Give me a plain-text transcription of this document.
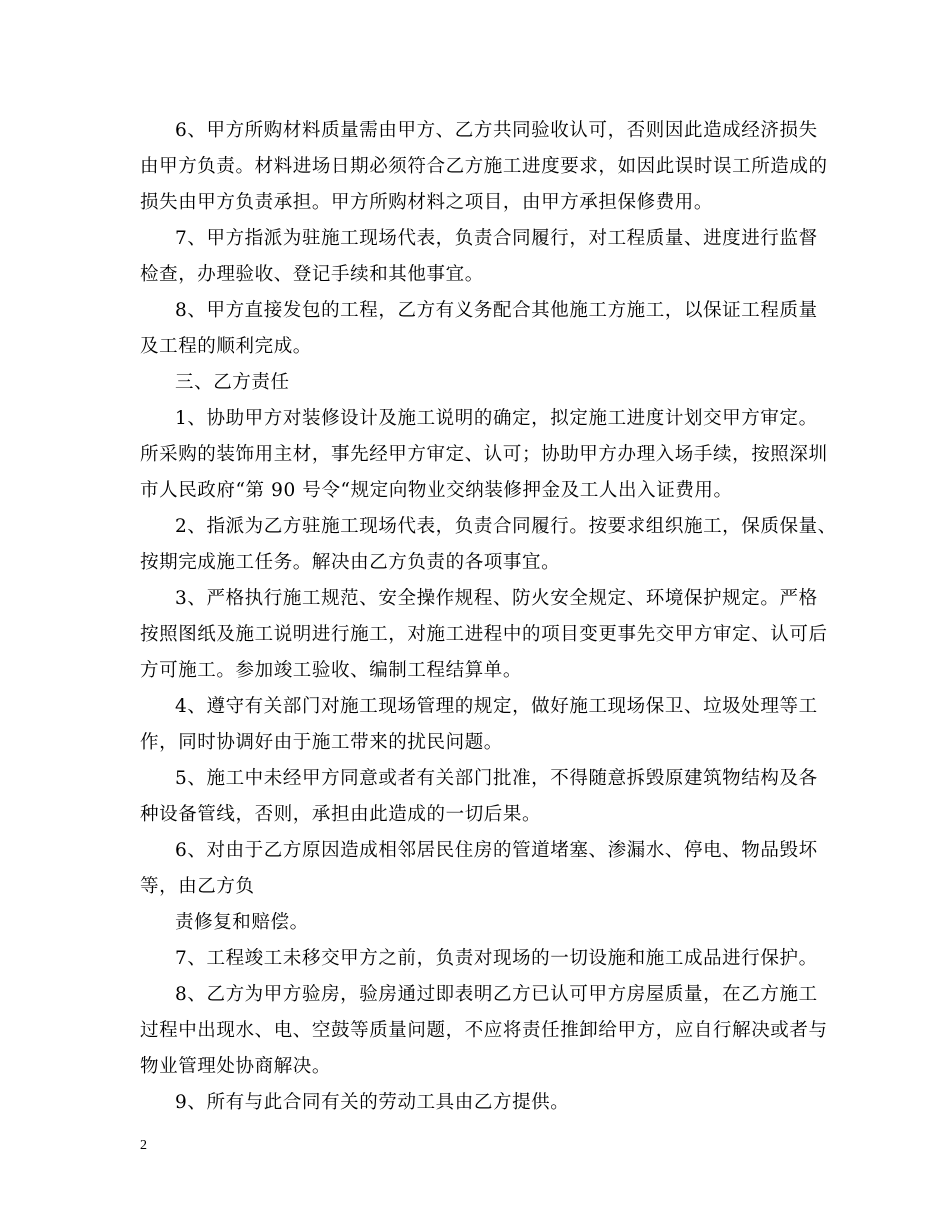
6、甲方所购材料质量需由甲方、乙方共同验收认可，否则因此造成经济损失
由甲方负责。材料进场日期必须符合乙方施工进度要求，如因此误时误工所造成的
损失由甲方负责承担。甲方所购材料之项目，由甲方承担保修费用。
7、甲方指派为驻施工现场代表，负责合同履行，对工程质量、进度进行监督
检查，办理验收、登记手续和其他事宜。
8、甲方直接发包的工程，乙方有义务配合其他施工方施工，以保证工程质量
及工程的顺利完成。
三、乙方责任
1、协助甲方对装修设计及施工说明的确定，拟定施工进度计划交甲方审定。
所采购的装饰用主材，事先经甲方审定、认可；协助甲方办理入场手续，按照深圳
市人民政府“第 90 号令“规定向物业交纳装修押金及工人出入证费用。
2、指派为乙方驻施工现场代表，负责合同履行。按要求组织施工，保质保量、
按期完成施工任务。解决由乙方负责的各项事宜。
3、严格执行施工规范、安全操作规程、防火安全规定、环境保护规定。严格
按照图纸及施工说明进行施工，对施工进程中的项目变更事先交甲方审定、认可后
方可施工。参加竣工验收、编制工程结算单。
4、遵守有关部门对施工现场管理的规定，做好施工现场保卫、垃圾处理等工
作，同时协调好由于施工带来的扰民问题。
5、施工中未经甲方同意或者有关部门批准，不得随意拆毁原建筑物结构及各
种设备管线，否则，承担由此造成的一切后果。
6、对由于乙方原因造成相邻居民住房的管道堵塞、渗漏水、停电、物品毁坏
等，由乙方负
责修复和赔偿。
7、工程竣工未移交甲方之前，负责对现场的一切设施和施工成品进行保护。
8、乙方为甲方验房，验房通过即表明乙方已认可甲方房屋质量，在乙方施工
过程中出现水、电、空鼓等质量问题，不应将责任推卸给甲方，应自行解决或者与
物业管理处协商解决。
9、所有与此合同有关的劳动工具由乙方提供。
2
